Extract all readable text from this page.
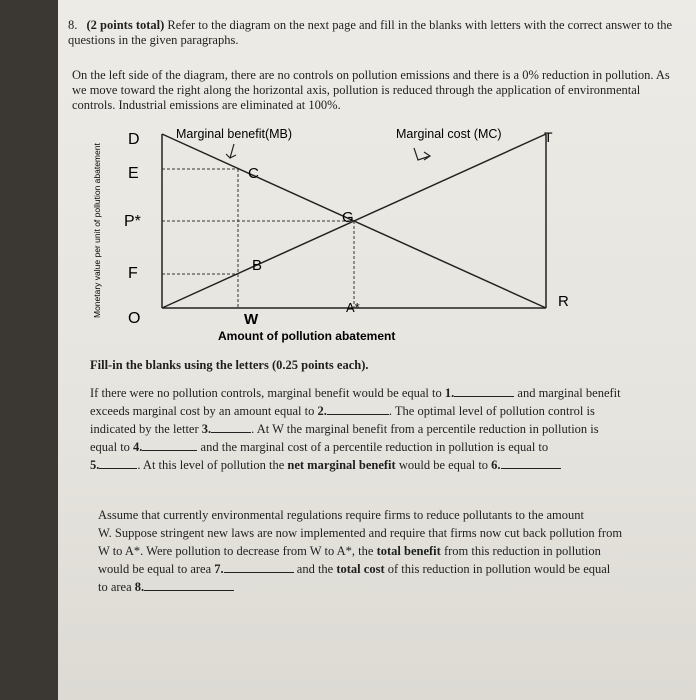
8. (2 points total) Refer to the diagram on the next page and fill in the blanks with letters with the correct answer to the questions in the given paragraphs.
On the left side of the diagram, there are no controls on pollution emissions and there is a 0% reduction in pollution. As we move toward the right along the horizontal axis, pollution is reduced through the application of environmental controls. Industrial emissions are eliminated at 100%.
D
E
P*
F
O
C
G
B
W
A*	R
T
Marginal benefit(MB)	Marginal cost (MC)
Monetary value per unit of pollution abatement
Amount of pollution abatement
Fill-in the blanks using the letters (0.25 points each).
If there were no pollution controls, marginal benefit would be equal to 1.	and marginal benefit
exceeds marginal cost by an amount equal to 2.	. The optimal level of pollution control is
indicated by the letter 3.	. At W the marginal benefit from a percentile reduction in pollution is
equal to 4.	and the marginal cost of a percentile reduction in pollution is equal to
5.	. At this level of pollution the net marginal benefit would be equal to 6.
Assume that currently environmental regulations require firms to reduce pollutants to the amount
W. Suppose stringent new laws are now implemented and require that firms now cut back pollution from
W to A*. Were pollution to decrease from W to A*, the total benefit from this reduction in pollution
would be equal to area 7.	and the total cost of this reduction in pollution would be equal
to area 8.
